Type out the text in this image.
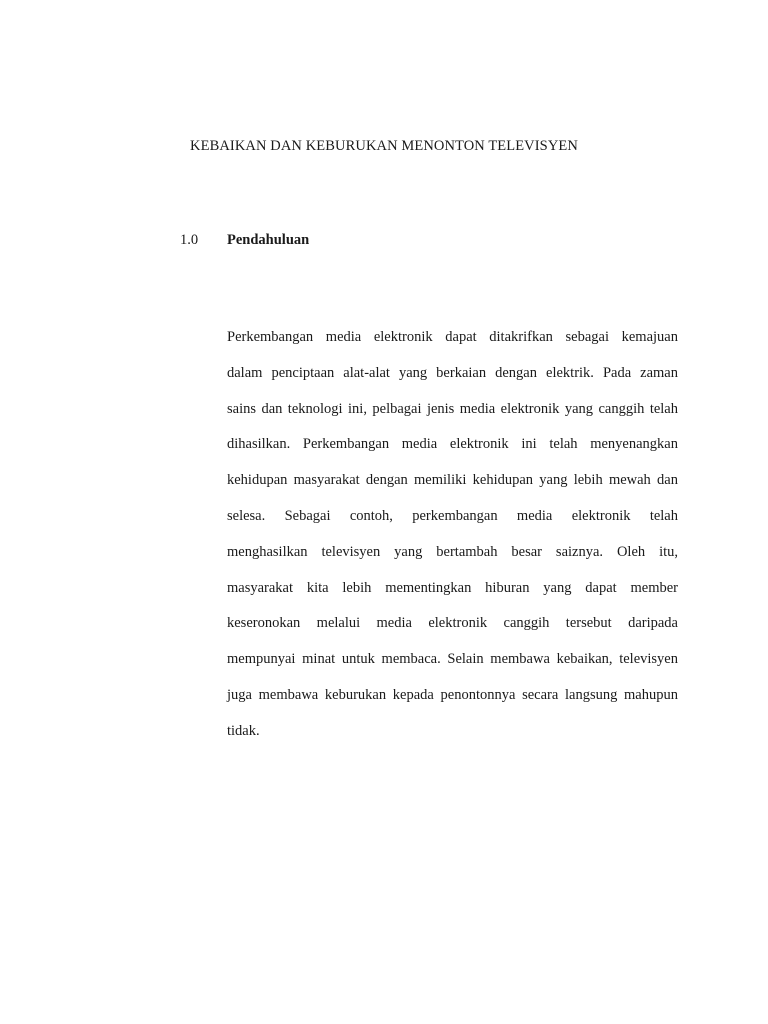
KEBAIKAN DAN KEBURUKAN MENONTON TELEVISYEN
1.0 Pendahuluan
Perkembangan media elektronik dapat ditakrifkan sebagai kemajuan
dalam penciptaan alat-alat yang berkaian dengan elektrik. Pada zaman
sains dan teknologi ini, pelbagai jenis media elektronik yang canggih telah
dihasilkan. Perkembangan media elektronik ini telah menyenangkan
kehidupan masyarakat dengan memiliki kehidupan yang lebih mewah dan
selesa. Sebagai contoh, perkembangan media elektronik telah
menghasilkan televisyen yang bertambah besar saiznya. Oleh itu,
masyarakat kita lebih mementingkan hiburan yang dapat member
keseronokan melalui media elektronik canggih tersebut daripada
mempunyai minat untuk membaca. Selain membawa kebaikan, televisyen
juga membawa keburukan kepada penontonnya secara langsung mahupun
tidak.
